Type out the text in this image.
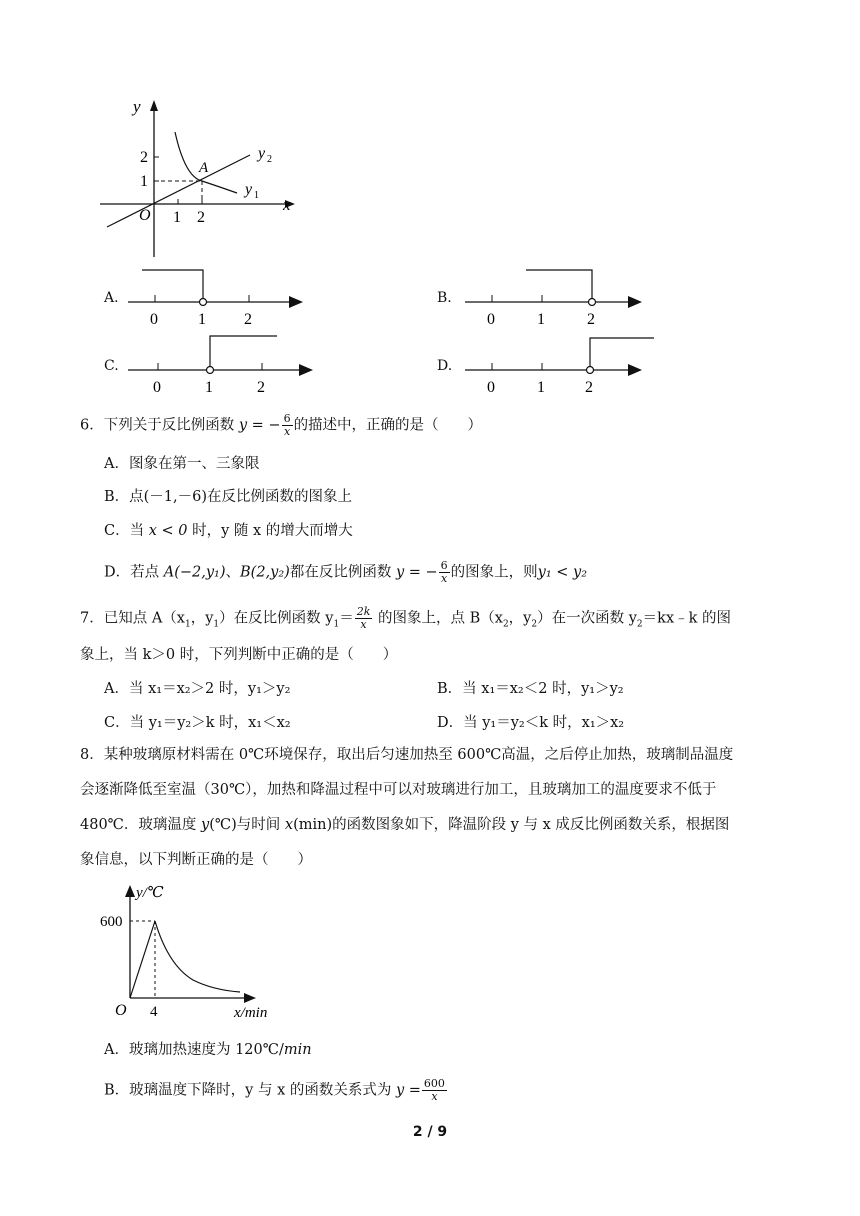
y
x
O
A
2
1
1 2
y 2
y 1
A.
0	1 2
B.
0	1	2
C.
0	1	2
D.
0	1	2
6．下列关于反比例函数 y = − $\frac{6}{x}$ 的描述中，正确的是（　　）
A．图象在第一、三象限
B．点(－1,－6)在反比例函数的图象上
C．当 x < 0 时，y 随 x 的增大而增大
D．若点 A(−2,y₁)、B(2,y₂)都在反比例函数 y = − $\frac{6}{x}$ 的图象上，则y₁ < y₂
7．已知点 $A(x_1$，$y_1$）在反比例函数 $y_1= \frac{2k}{x}$ 的图象上，点 $B(x_2$，$y_2$）在一次函数 $y_2=kx﹣k$ 的图
象上，当 k＞0 时，下列判断中正确的是（　　）
A．当 x₁＝x₂＞2 时，y₁＞y₂	B．当 x₁＝x₂＜2 时，y₁＞y₂
C．当 y₁＝y₂＞k 时，x₁＜x₂	D．当 y₁＝y₂＜k 时，x₁＞x₂
8．某种玻璃原材料需在 0℃环境保存，取出后匀速加热至 600℃高温，之后停止加热，玻璃制品温度
会逐渐降低至室温（30℃），加热和降温过程中可以对玻璃进行加工，且玻璃加工的温度要求不低于
480℃．玻璃温度 y(℃)与时间 x(min)的函数图象如下，降温阶段 y 与 x 成反比例函数关系，根据图
象信息，以下判断正确的是（　　）
y/℃
x/min
O
600
4
A．玻璃加热速度为 120℃/min
B．玻璃温度下降时，y 与 x 的函数关系式为 $y = \frac{600}{x}$
2 / 9
